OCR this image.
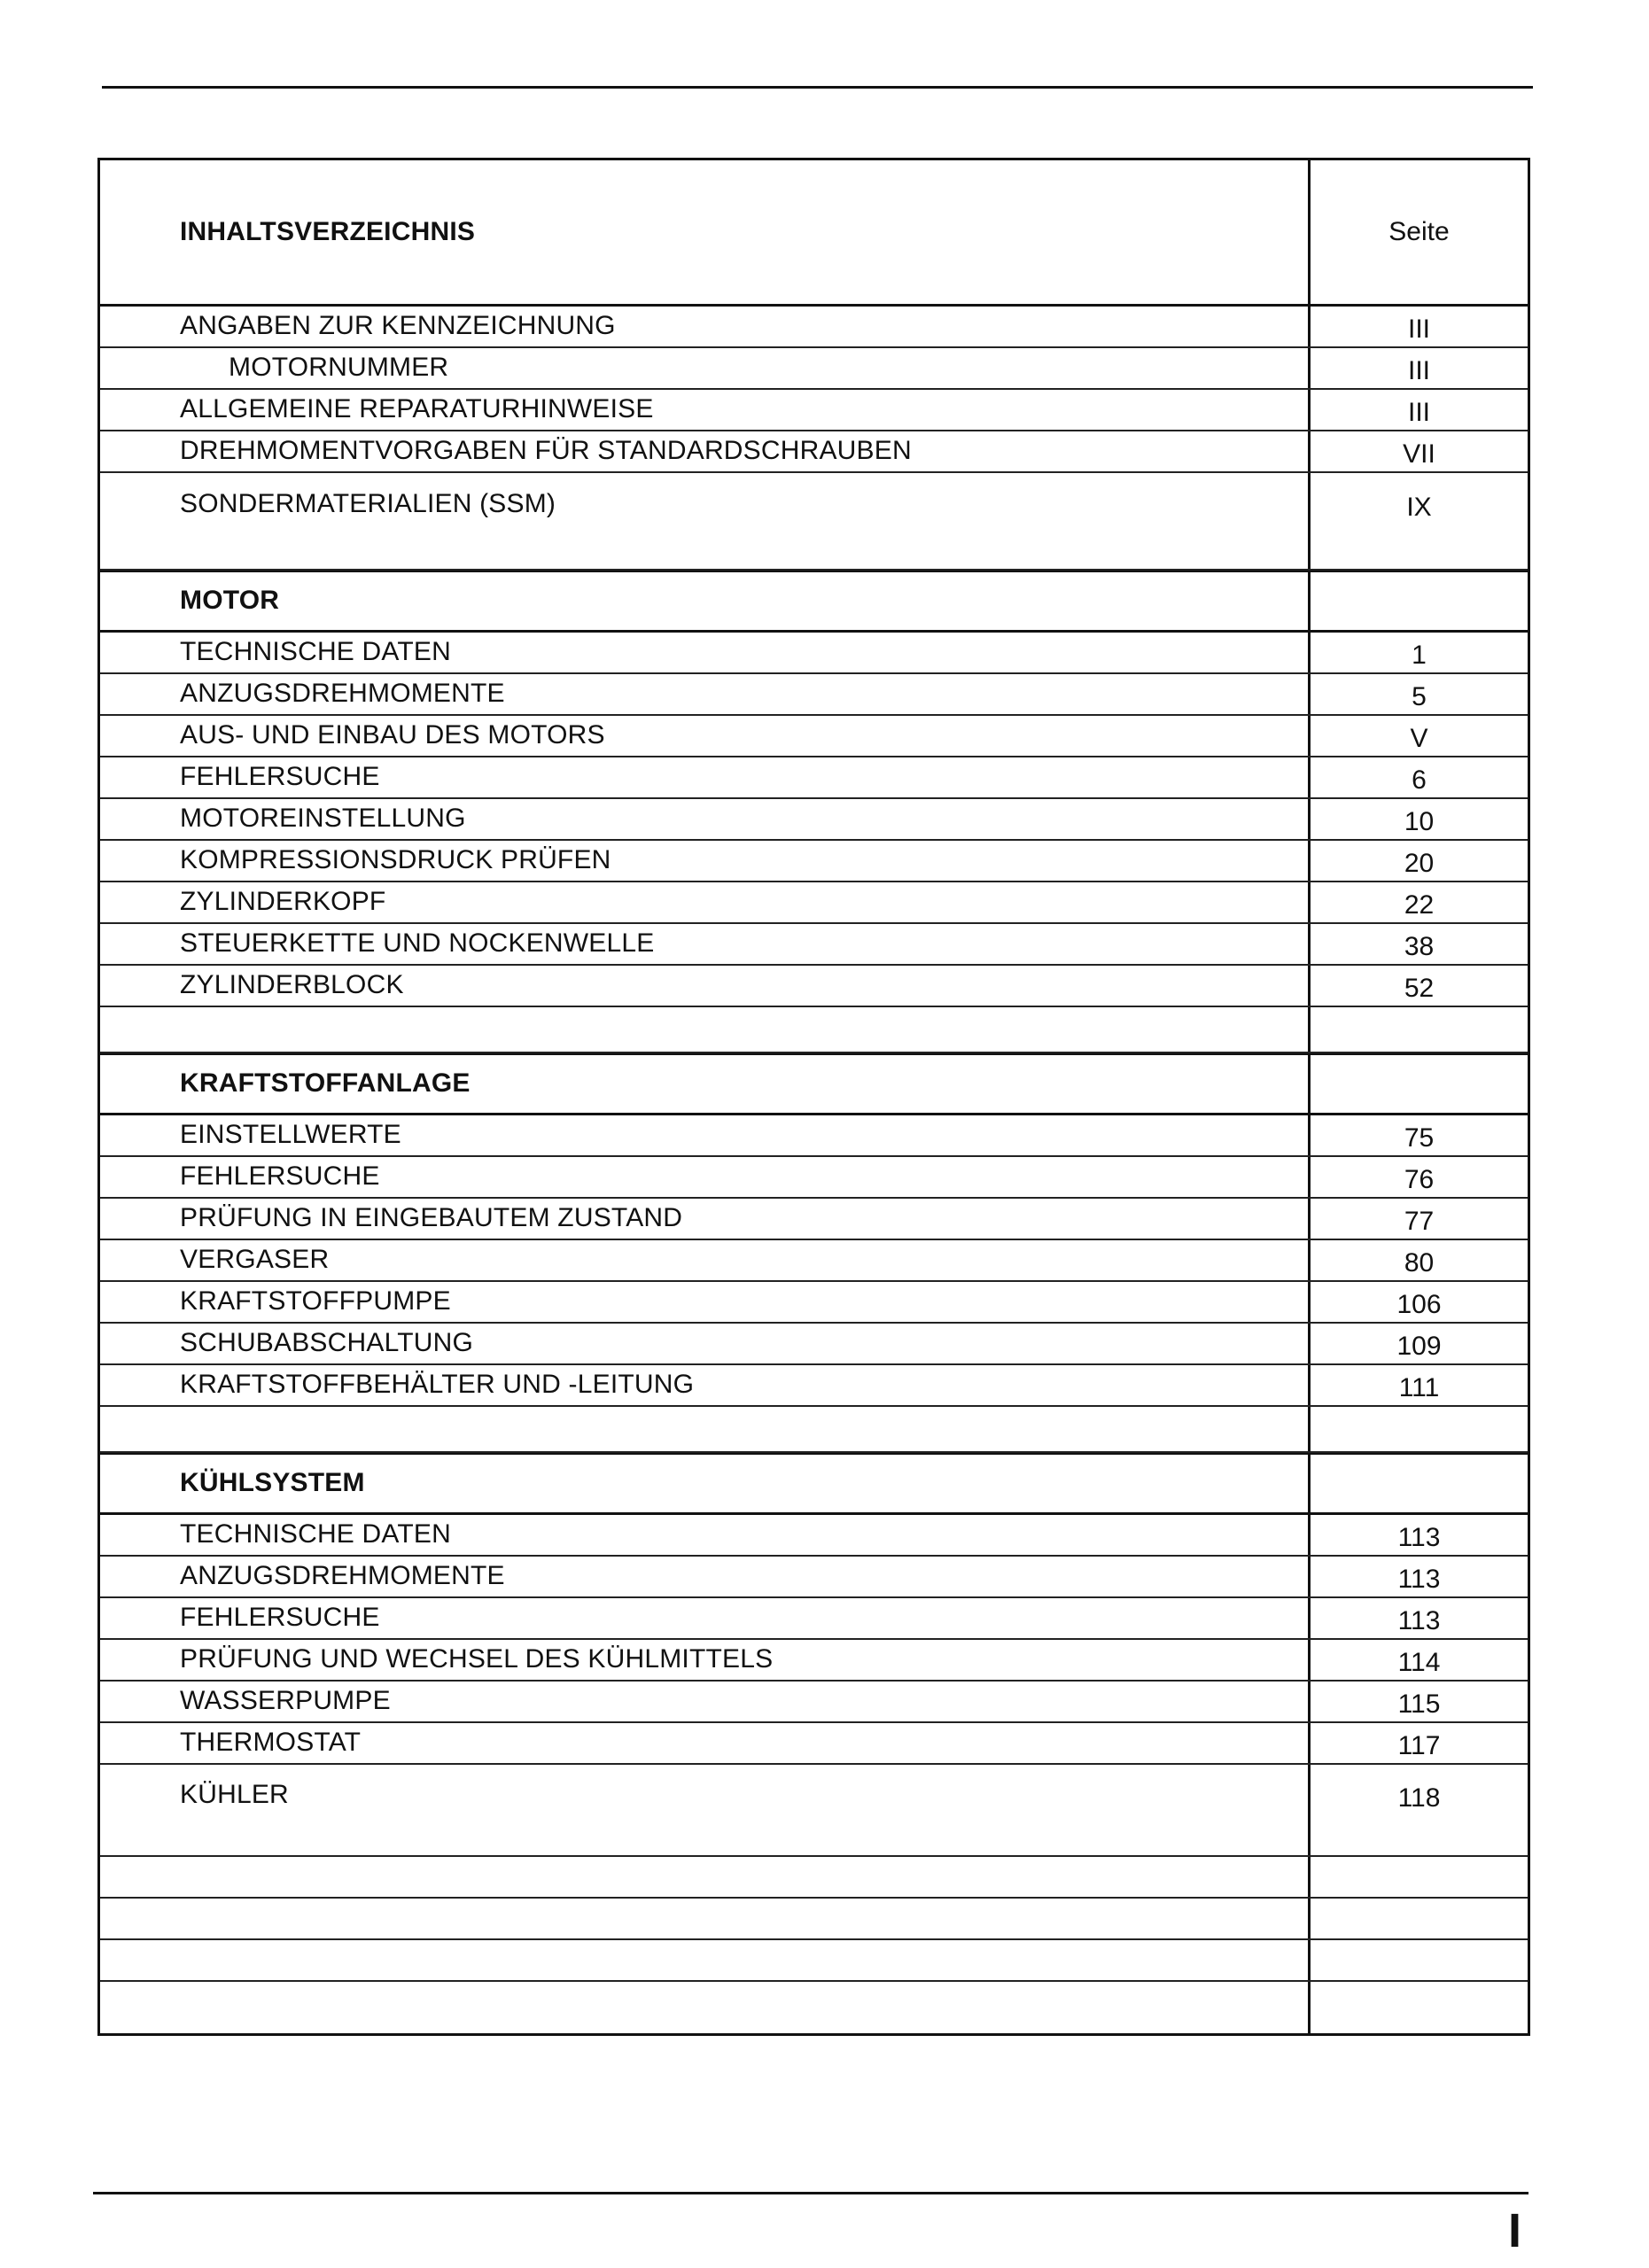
INHALTSVERZEICHNIS	Seite
ANGABEN ZUR KENNZEICHNUNG	III
MOTORNUMMER	III
ALLGEMEINE REPARATURHINWEISE	III
DREHMOMENTVORGABEN FÜR STANDARDSCHRAUBEN	VII
SONDERMATERIALIEN (SSM)	IX
MOTOR
TECHNISCHE DATEN	1
ANZUGSDREHMOMENTE	5
AUS- UND EINBAU DES MOTORS	V
FEHLERSUCHE	6
MOTOREINSTELLUNG	10
KOMPRESSIONSDRUCK PRÜFEN	20
ZYLINDERKOPF	22
STEUERKETTE UND NOCKENWELLE	38
ZYLINDERBLOCK	52
KRAFTSTOFFANLAGE
EINSTELLWERTE	75
FEHLERSUCHE	76
PRÜFUNG IN EINGEBAUTEM ZUSTAND	77
VERGASER	80
KRAFTSTOFFPUMPE	106
SCHUBABSCHALTUNG	109
KRAFTSTOFFBEHÄLTER UND -LEITUNG	111
KÜHLSYSTEM
TECHNISCHE DATEN	113
ANZUGSDREHMOMENTE	113
FEHLERSUCHE	113
PRÜFUNG UND WECHSEL DES KÜHLMITTELS	114
WASSERPUMPE	115
THERMOSTAT	117
KÜHLER	118
I
